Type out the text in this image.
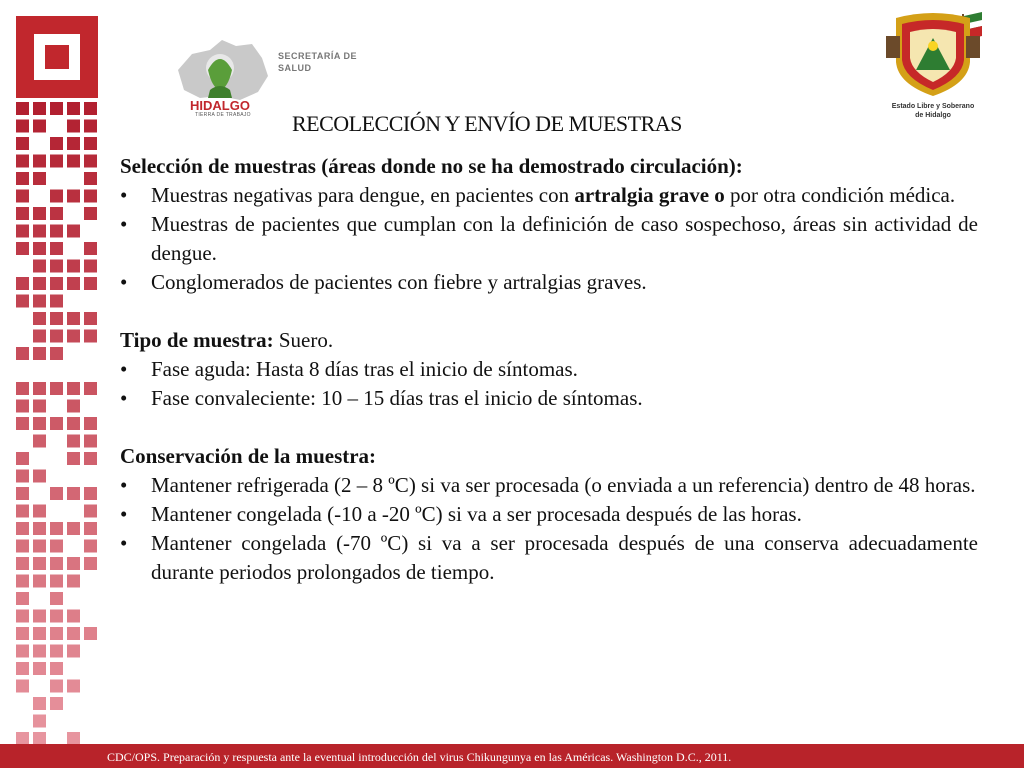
SECRETARÍA DE
SALUD
HIDALGO
TIERRA DE TRABAJO
Estado Libre y Soberano
de Hidalgo
RECOLECCIÓN Y ENVÍO DE MUESTRAS

Selección de muestras (áreas donde no se ha demostrado circulación):

• Muestras negativas para dengue, en pacientes con artralgia grave o por otra condición médica.
• Muestras de pacientes que cumplan con la definición de caso sospechoso, áreas sin actividad de dengue.
• Conglomerados de pacientes con fiebre y artralgias graves.

Tipo de muestra: Suero.

• Fase aguda: Hasta 8 días tras el inicio de síntomas.
• Fase convaleciente: 10 – 15 días tras el inicio de síntomas.

Conservación de la muestra:

• Mantener refrigerada (2 – 8 ºC) si va ser procesada (o enviada a un referencia) dentro de 48 horas.
• Mantener congelada (-10 a -20 ºC) si va a ser procesada después de las horas.
• Mantener congelada (-70 ºC) si va a ser procesada después de una conserva adecuadamente durante periodos prolongados de tiempo.
CDC/OPS. Preparación y respuesta ante la eventual introducción del virus Chikungunya en las Américas. Washington D.C., 2011.
